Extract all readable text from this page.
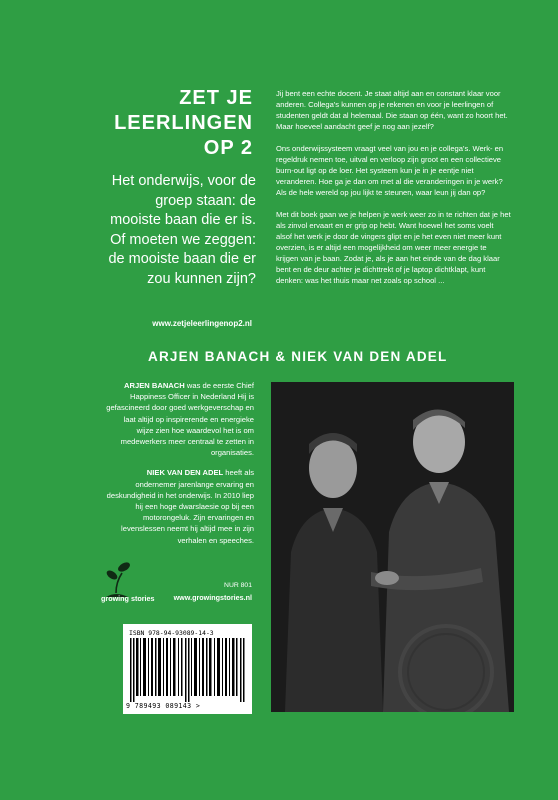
ZET JE
LEERLINGEN
OP 2
Het onderwijs, voor de groep staan: de mooiste baan die er is. Of moeten we zeggen: de mooiste baan die er zou kunnen zijn?
www.zetjeleerlingenop2.nl

Jij bent een echte docent. Je staat altijd aan en constant klaar voor anderen. Collega's kunnen op je rekenen en voor je leerlingen of studenten geldt dat al helemaal. Die staan op één, want zo hoort het. Maar hoeveel aandacht geef je nog aan jezelf?

Ons onderwijssysteem vraagt veel van jou en je collega's. Werk- en regeldruk nemen toe, uitval en verloop zijn groot en een collectieve burn-out ligt op de loer. Het systeem kun je in je eentje niet veranderen. Hoe ga je dan om met al die veranderingen in je werk? Als de hele wereld op jou lijkt te steunen, waar leun jij dan op?

Met dit boek gaan we je helpen je werk weer zo in te richten dat je het als zinvol ervaart en er grip op hebt. Want hoewel het soms voelt alsof het werk je door de vingers glipt en je het even niet meer kunt overzien, is er altijd een mogelijkheid om weer meer energie te krijgen van je baan. Zodat je, als je aan het einde van de dag klaar bent en de deur achter je dichttrekt of je laptop dichtklapt, kunt denken: was het thuis maar net zoals op school ...

ARJEN BANACH & NIEK VAN DEN ADEL

ARJEN BANACH was de eerste Chief Happiness Officer in Nederland Hij is gefascineerd door goed werkgeverschap en laat altijd op inspirerende en energieke wijze zien hoe waardevol het is om medewerkers meer centraal te zetten in organisaties.

NIEK VAN DEN ADEL heeft als ondernemer jarenlange ervaring en deskundigheid in het onderwijs. In 2010 liep hij een hoge dwarslaesie op bij een motorongeluk. Zijn ervaringen en levenslessen neemt hij altijd mee in zijn verhalen en speeches.

growing stories
NUR 801
www.growingstories.nl
ISBN 978-94-93089-14-3
9 789493 089143 >
